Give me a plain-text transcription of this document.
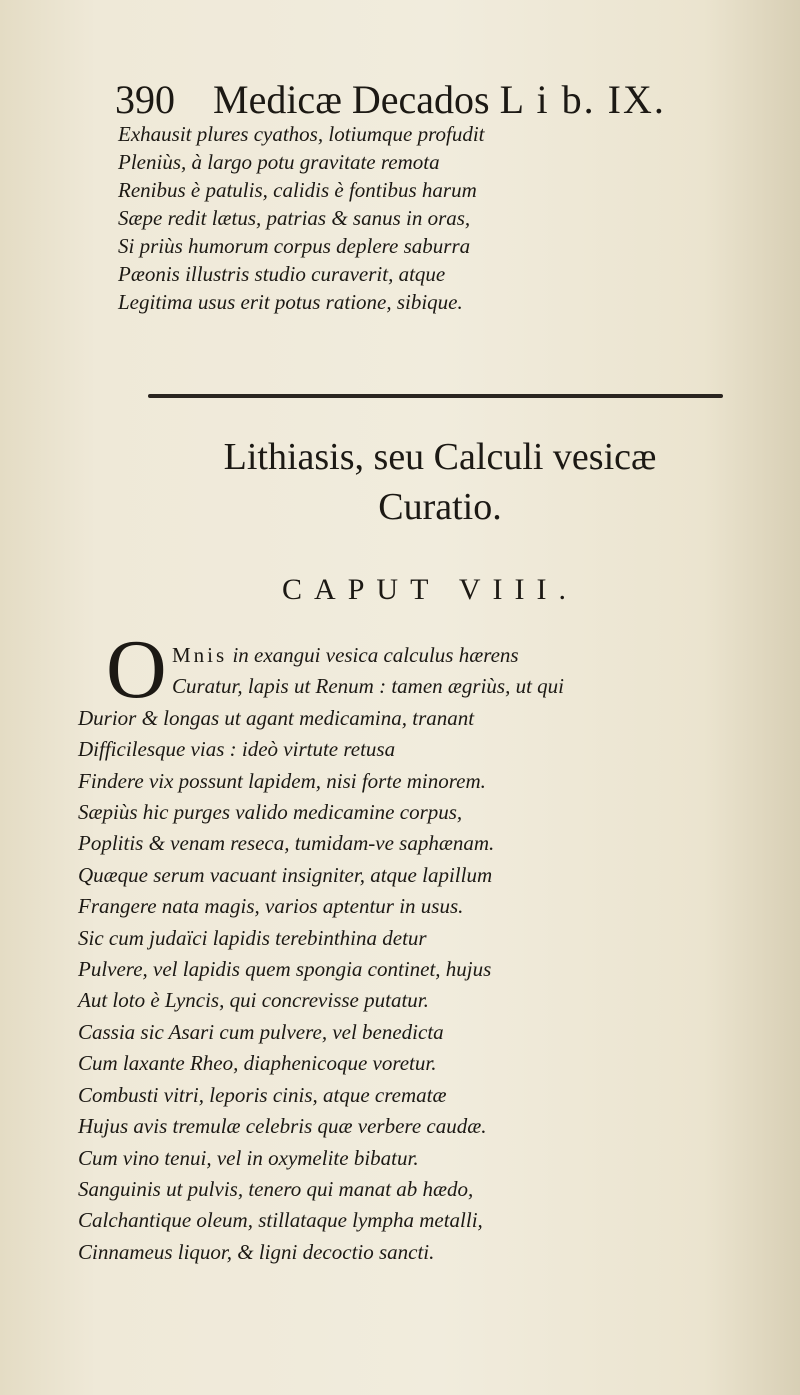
390 Medicæ Decados L i b. IX.
Exhausit plures cyathos, lotiumque profudit
Pleniùs, à largo potu gravitate remota
Renibus è patulis, calidis è fontibus harum
Sæpe redit lætus, patrias & sanus in oras,
Si priùs humorum corpus deplere saburra
Pæonis illustris studio curaverit, atque
Legitima usus erit potus ratione, sibique.
Lithiasis, seu Calculi vesicæ
Curatio.
CAPUT VIII.
O Mnis in exangui vesica calculus hærens
Curatur, lapis ut Renum : tamen ægriùs, ut qui
Durior & longas ut agant medicamina, tranant
Difficilesque vias : ideò virtute retusa
Findere vix possunt lapidem, nisi forte minorem.
Sæpiùs hic purges valido medicamine corpus,
Poplitis & venam reseca, tumidam-ve saphænam.
Quæque serum vacuant insigniter, atque lapillum
Frangere nata magis, varios aptentur in usus.
Sic cum judaïci lapidis terebinthina detur
Pulvere, vel lapidis quem spongia continet, hujus
Aut loto è Lyncis, qui concrevisse putatur.
Cassia sic Asari cum pulvere, vel benedicta
Cum laxante Rheo, diaphenicoque voretur.
Combusti vitri, leporis cinis, atque crematæ
Hujus avis tremulæ celebris quæ verbere caudæ.
Cum vino tenui, vel in oxymelite bibatur.
Sanguinis ut pulvis, tenero qui manat ab hædo,
Calchantique oleum, stillataque lympha metalli,
Cinnameus liquor, & ligni decoctio sancti.
